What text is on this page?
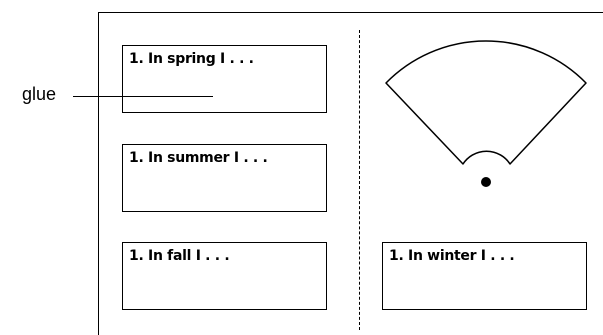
1. In spring I . . .
1. In summer I . . .
1. In fall I . . .	1. In winter I . . .
glue
